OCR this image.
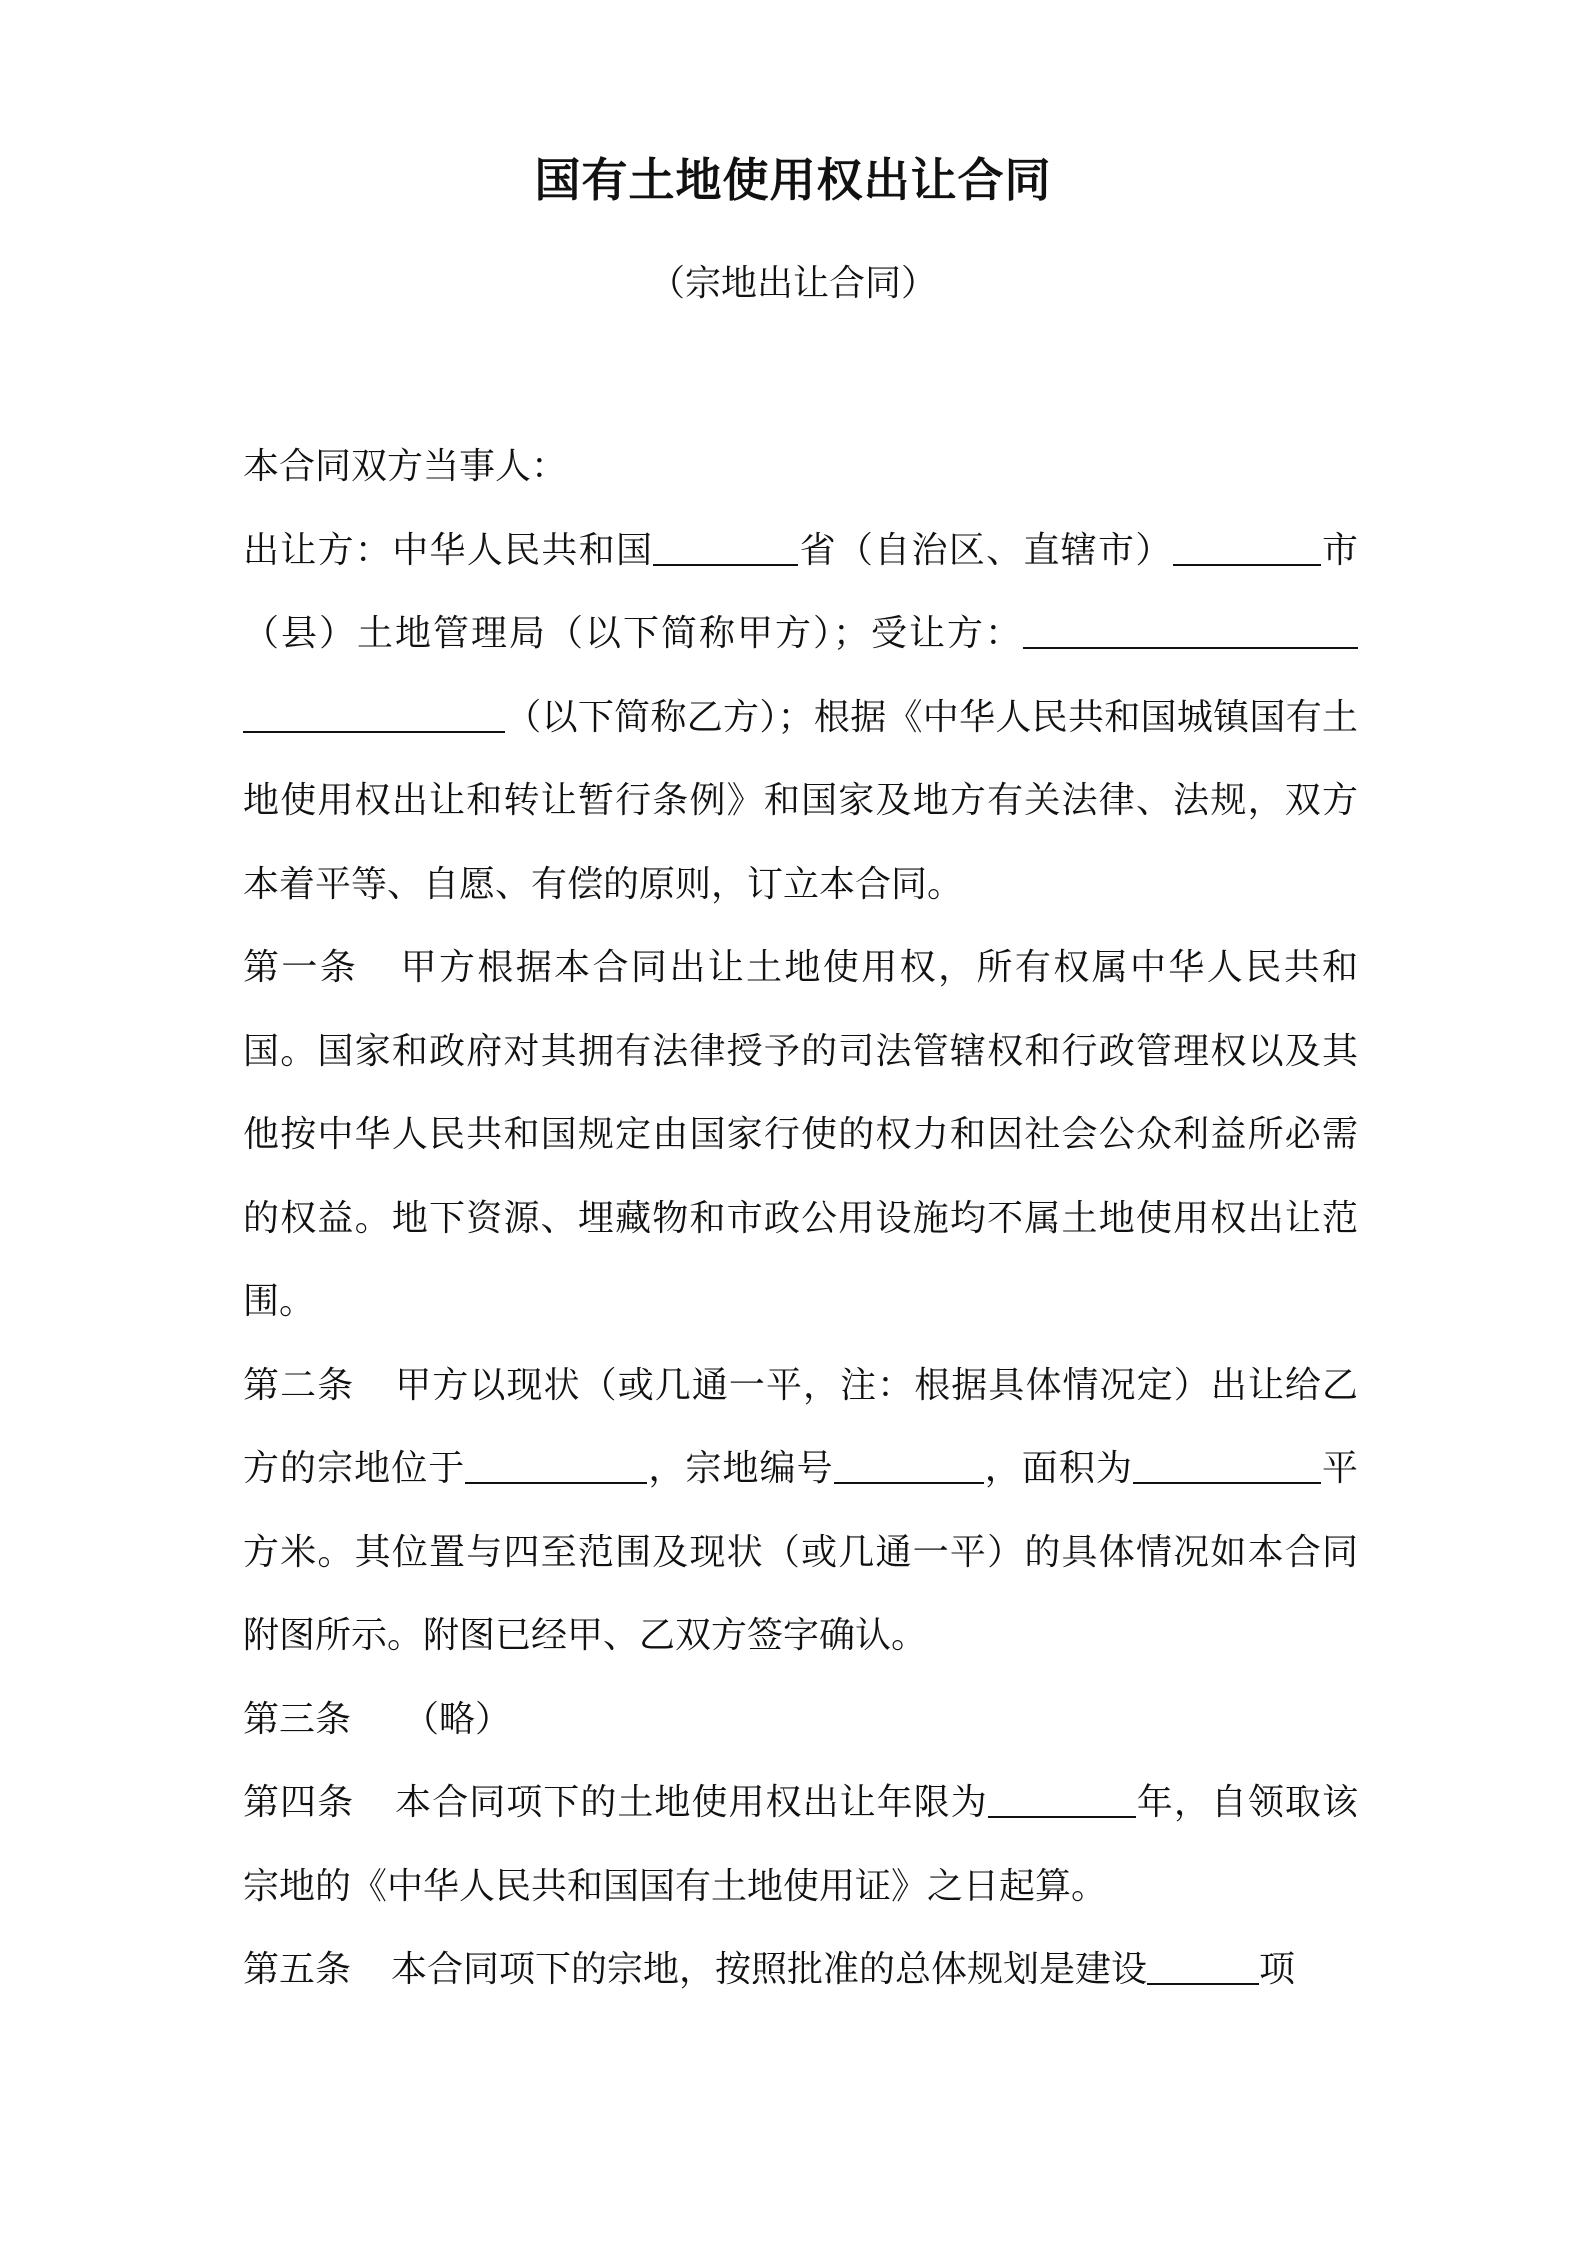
国有土地使用权出让合同
（宗地出让合同）

本合同双方当事人：

出让方：中华人民共和国	省（自治区、直辖市）	市（县）土地管理局（以下简称甲方）；受让方：（以下简称乙方）；根据《中华人民共和国城镇国有土地使用权出让和转让暂行条例》和国家及地方有关法律、法规，双方本着平等、自愿、有偿的原则，订立本合同。

第一条 甲方根据本合同出让土地使用权，所有权属中华人民共和国。国家和政府对其拥有法律授予的司法管辖权和行政管理权以及其他按中华人民共和国规定由国家行使的权力和因社会公众利益所必需的权益。地下资源、埋藏物和市政公用设施均不属土地使用权出让范围。

第二条 甲方以现状（或几通一平，注：根据具体情况定）出让给乙方的宗地位于	，宗地编号	，面积为	平方米。其位置与四至范围及现状（或几通一平）的具体情况如本合同附图所示。附图已经甲、乙双方签字确认。

第三条 （略）

第四条 本合同项下的土地使用权出让年限为	年，自领取该宗地的《中华人民共和国国有土地使用证》之日起算。

第五条 本合同项下的宗地，按照批准的总体规划是建设	项
